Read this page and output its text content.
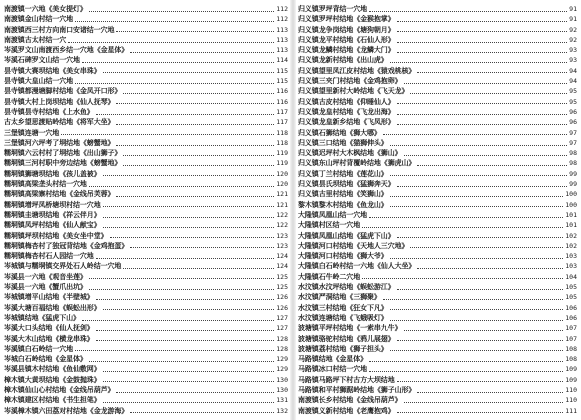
南渡镇一六地《美女提灯》	112
南渡镇金山村结一穴地	112
南渡镇西三村方向南口安诸结一穴地	113
南渡镇古太村结一穴	113
岑溪罗文山南渡西乡结一穴地《金星体》	113
岑溪石碑罗文山结一穴地	114
昙寺镇大赛坝结地《美女串珠》	115
昙寺镇大皇山结一穴地	115
昙寺镇都漫塘脚村结地《金凤开口形》	116
昙寺镇大村上岗坝结地《仙人抚琴》	116
昙寺镇昙寺村结地《上水鱼》	117
古太乡望思渡贴岭结地《将军大坐》	117
三堡镇连塘一穴地	118
三堡镇河六坪考了垌结地《螃蟹地》	118
糯垌镇六云村村了垌结地《出山狮子》	119
糯垌镇三河村职中旁边结地《螃蟹地》	119
糯垌镇狮塘坝结地《孩儿盖被》	120
糯垌镇高梁垄头村结一穴地	120
糯垌镇高梁寨村结地《金线吊芙蓉》	121
糯垌镇增坪凤桥塘坝村结一穴地	121
糯垌镇圭塘坝结地《祥云伴月》	122
糯垌镇凤坪村结地《仙人献宝》	122
糯垌镇坪坝村结地《美女坐中堂》	123
糯垌镇梅杏村了独冠背结地《金鸡抱蛋》	123
糯垌镇梅杏村石人园结一穴地	124
岑城镇与糯垌镇交界处石人岭结一穴地	124
岑溪县一六地《观音坐莲》	125
岑溪县一六地《蟹爪出坑》	125
岑城镇增平山结地《半壁城》	126
岑溪大塘百福结地《蜈蚣出形》	126
岑城镇结地《猛虎下山》	127
岑溪大口头结地《仙人抚剑》	127
岑溪大木山结地《横龙串珠》	128
岑溪镇白石岭结一穴地	128
岑城白石岭结地《金星体》	129
岑溪县镇木村结地《鱼仙敷网》	129
樟木镇大黄坝结地《金鼓抛珠》	130
樟木镇仙山心村结地《金线吊葫芦》	130
樟木镇建区村结地《书生担笔》	131
岑溪樟木镇六田荔对村结地《金龙游海》	132
归义镇罗坪背结一穴地	91
归义镇罗坪村结地《金猴抱掌》	91
归义镇龙争岗结地《塘狗朝月》	92
归义镇龙平村结地《石仙人形》	92
归义镇龙鳞村结地《龙鳞大门》	93
归义镇龙新村结地《出山虎》	93
归义镇望里凤江皮村结地《猿戏桃核》	94
归义镇三夹门村结地《金鸡抱卵》	94
归义镇望里新村大岭结地《飞天龙》	95
归义镇古皮村结地《仰睡仙人》	95
归义镇龙皇村结地《飞龙出海》	96
归义镇龙皇新乡结地《飞凤形》	96
归义镇石狮结地《狮大哪》	97
归义镇三口结地《猫狮伸头》	97
归义镇迟坪村大木枫结地《狮山》	98
归义镇东山坪村背覆岭结地《狮虎山》	98
归义镇丁兰村结地《莲花山》	99
归义镇昙氏坝结地《猛狮奔天》	99
归义镇古里村结地《笑狮山》	100
黎木镇黎木村结地《鱼龙山》	100
大隆镇凤凰山结一穴地	101
大隆镇村区结一穴地	101
大隆镇凤凰山结地《猛虎下山》	102
大隆镇河口村结地《天地人三穴地》	102
大隆镇河口村结地《狮大爷》	103
大隆镇白石岭村结一六地《仙人大坐》	103
大隆镇石牛岭二穴地	104
水汶镇水汶坪结地《蜈蚣游江》	105
水汶镇严洞结地《三狮聚》	105
水汶镇三村结地《狂女下凡》	106
水汶镇连塘结地《飞蛾吸灯》	106
波塘镇平坪村结地《一索串九牛》	107
波塘镇骆驼村结地《鸦儿展翅》	107
波塘镇荔村结地《狮子担头》	108
马路镇结地《金星体》	108
马路镇冰口村结一穴地	109
马路镇马路坪下村古方大坝结地	109
马路镇和平村狮踞岭结地《狮子山形》	110
南渡镇长乡村结地《金线吊葫芦》	110
南渡镇义新村结地《老鹰抱鸡》	111
